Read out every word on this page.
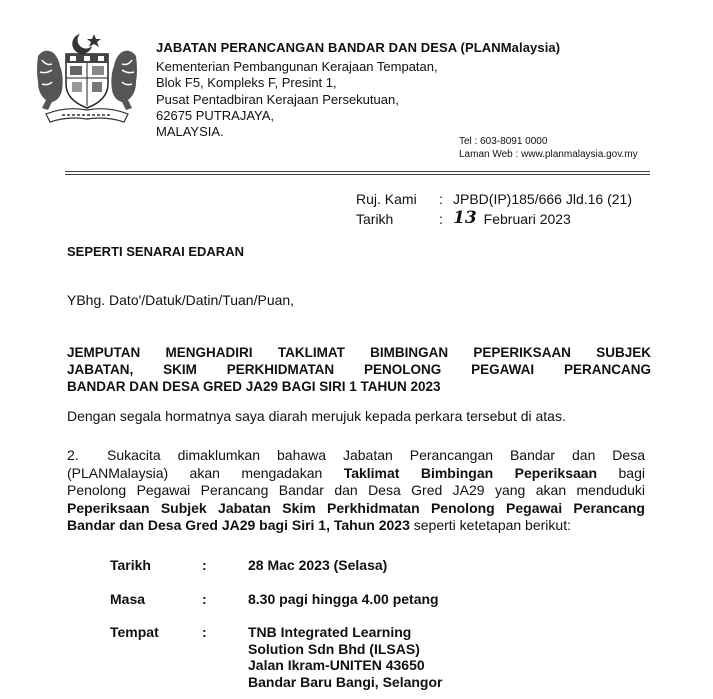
JABATAN PERANCANGAN BANDAR DAN DESA (PLANMalaysia)
Kementerian Pembangunan Kerajaan Tempatan,
Blok F5, Kompleks F, Presint 1,
Pusat Pentadbiran Kerajaan Persekutuan,
62675 PUTRAJAYA,
MALAYSIA.
Tel : 603-8091 0000
Laman Web : www.planmalaysia.gov.my
Ruj. Kami	: JPBD(IP)185/666 Jld.16 (21)
Tarikh	: 13 Februari 2023
SEPERTI SENARAI EDARAN
YBhg. Dato'/Datuk/Datin/Tuan/Puan,
JEMPUTAN MENGHADIRI TAKLIMAT BIMBINGAN PEPERIKSAAN SUBJEK
JABATAN, SKIM PERKHIDMATAN PENOLONG PEGAWAI PERANCANG
BANDAR DAN DESA GRED JA29 BAGI SIRI 1 TAHUN 2023
Dengan segala hormatnya saya diarah merujuk kepada perkara tersebut di atas.
2. Sukacita dimaklumkan bahawa Jabatan Perancangan Bandar dan Desa
(PLANMalaysia) akan mengadakan Taklimat Bimbingan Peperiksaan bagi
Penolong Pegawai Perancang Bandar dan Desa Gred JA29 yang akan menduduki
Peperiksaan Subjek Jabatan Skim Perkhidmatan Penolong Pegawai Perancang
Bandar dan Desa Gred JA29 bagi Siri 1, Tahun 2023 seperti ketetapan berikut:
Tarikh	:	28 Mac 2023 (Selasa)
Masa	:	8.30 pagi hingga 4.00 petang
Tempat	:	TNB Integrated Learning
Solution Sdn Bhd (ILSAS)
Jalan Ikram-UNITEN 43650
Bandar Baru Bangi, Selangor
